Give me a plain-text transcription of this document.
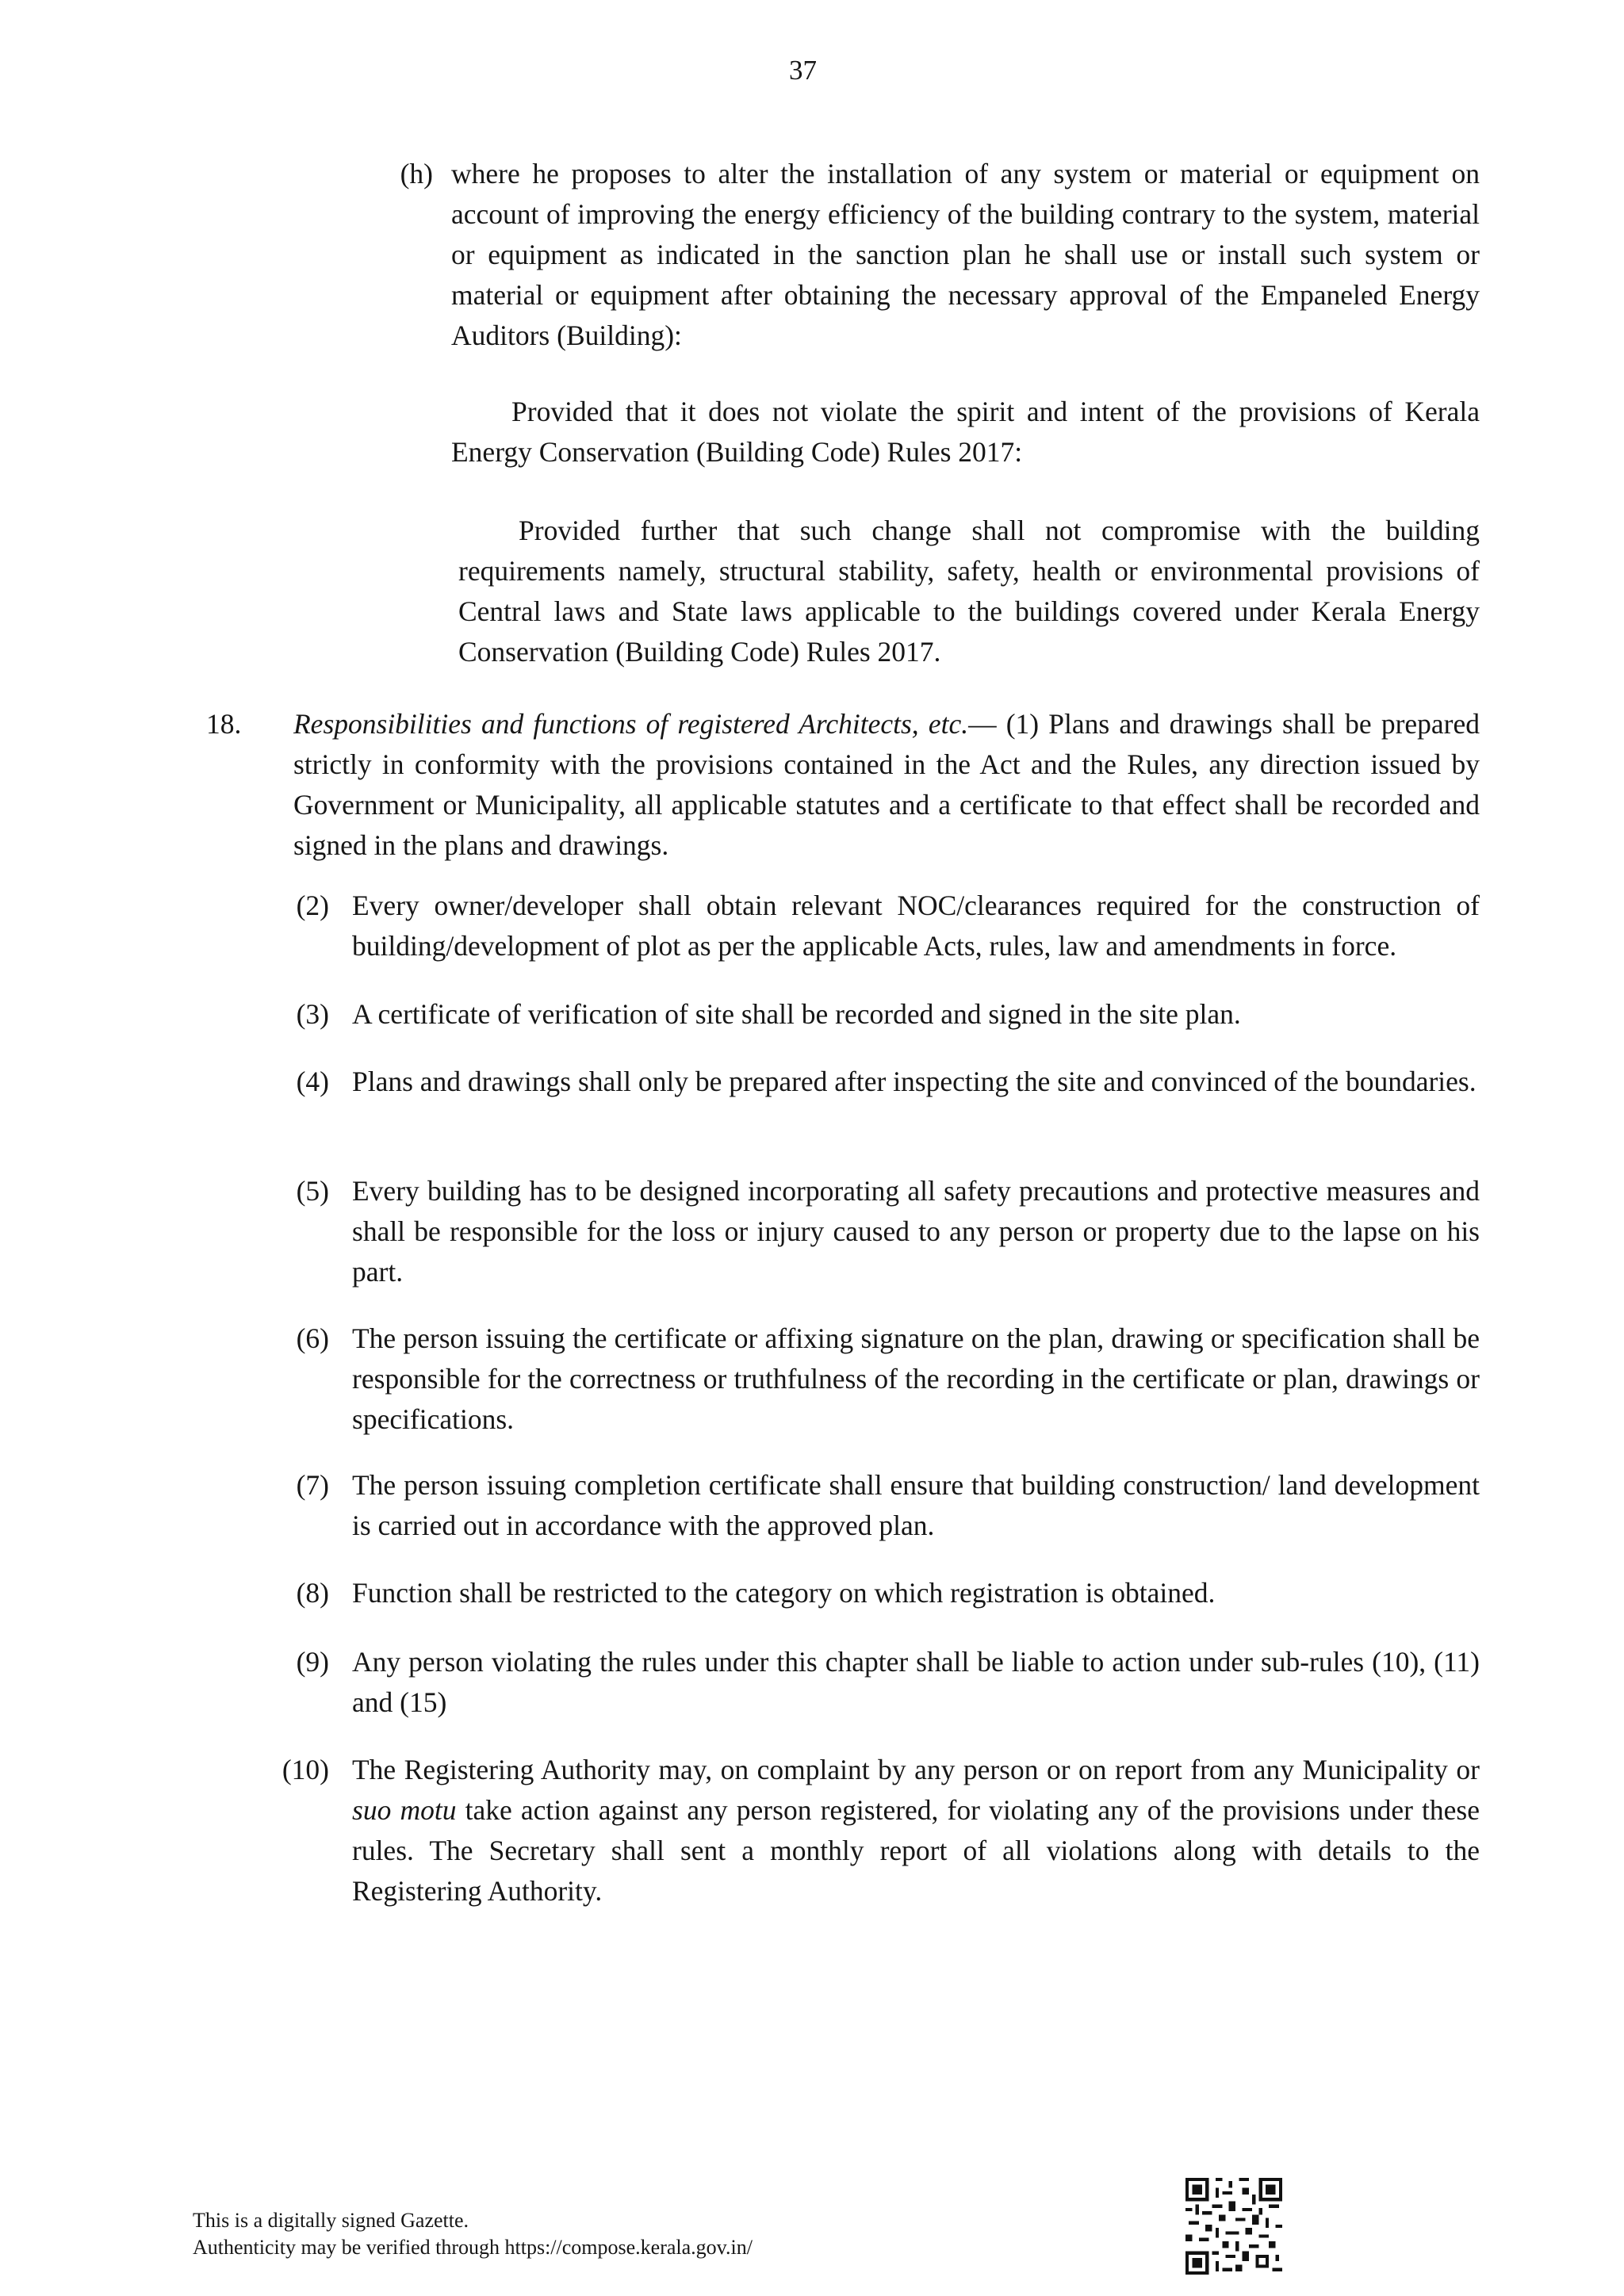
37
(h) where he proposes to alter the installation of any system or material or equipment on account of improving the energy efficiency of the building contrary to the system, material or equipment as indicated in the sanction plan he shall use or install such system or material or equipment after obtaining the necessary approval of the Empaneled Energy Auditors (Building):
Provided that it does not violate the spirit and intent of the provisions of Kerala Energy Conservation (Building Code) Rules 2017:
Provided further that such change shall not compromise with the building requirements namely, structural stability, safety, health or environmental provisions of Central laws and State laws applicable to the buildings covered under Kerala Energy Conservation (Building Code) Rules 2017.
18.	Responsibilities and functions of registered Architects, etc.— (1) Plans and drawings shall be prepared strictly in conformity with the provisions contained in the Act and the Rules, any direction issued by Government or Municipality, all applicable statutes and a certificate to that effect shall be recorded and signed in the plans and drawings.
(2) Every owner/developer shall obtain relevant NOC/clearances required for the construction of building/development of plot as per the applicable Acts, rules, law and amendments in force.
(3) A certificate of verification of site shall be recorded and signed in the site plan.
(4) Plans and drawings shall only be prepared after inspecting the site and convinced of the boundaries.
(5) Every building has to be designed incorporating all safety precautions and protective measures and shall be responsible for the loss or injury caused to any person or property due to the lapse on his part.
(6) The person issuing the certificate or affixing signature on the plan, drawing or specification shall be responsible for the correctness or truthfulness of the recording in the certificate or plan, drawings or specifications.
(7) The person issuing completion certificate shall ensure that building construction/ land development is carried out in accordance with the approved plan.
(8) Function shall be restricted to the category on which registration is obtained.
(9) Any person violating the rules under this chapter shall be liable to action under sub-rules (10), (11) and (15)
(10) The Registering Authority may, on complaint by any person or on report from any Municipality or suo motu take action against any person registered, for violating any of the provisions under these rules. The Secretary shall sent a monthly report of all violations along with details to the Registering Authority.
This is a digitally signed Gazette.
Authenticity may be verified through https://compose.kerala.gov.in/
